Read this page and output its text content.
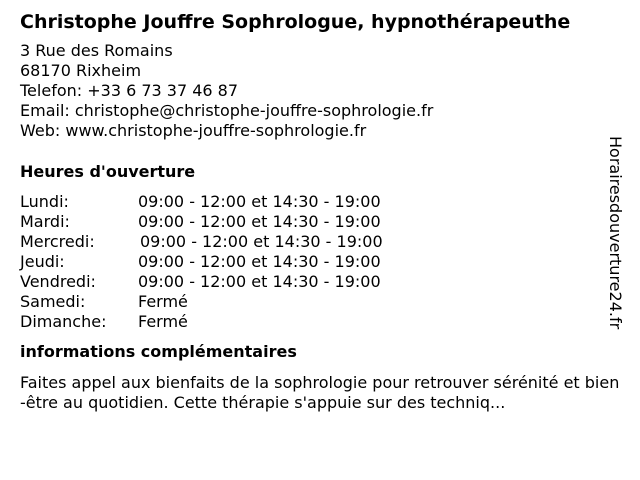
Christophe Jouffre Sophrologue, hypnothérapeuthe
3 Rue des Romains
68170 Rixheim
Telefon: +33 6 73 37 46 87
Email: christophe@christophe-jouffre-sophrologie.fr
Web: www.christophe-jouffre-sophrologie.fr
Heures d'ouverture
Lundi:	09:00 - 12:00 et 14:30 - 19:00
Mardi:	09:00 - 12:00 et 14:30 - 19:00
Mercredi:	09:00 - 12:00 et 14:30 - 19:00
Jeudi:	09:00 - 12:00 et 14:30 - 19:00
Vendredi:	09:00 - 12:00 et 14:30 - 19:00
Samedi:	Fermé
Dimanche:	Fermé
informations complémentaires
Faites appel aux bienfaits de la sophrologie pour retrouver sérénité et bien-être au quotidien. Cette thérapie s'appuie sur des techniq...
Horairesdouverture24.fr
